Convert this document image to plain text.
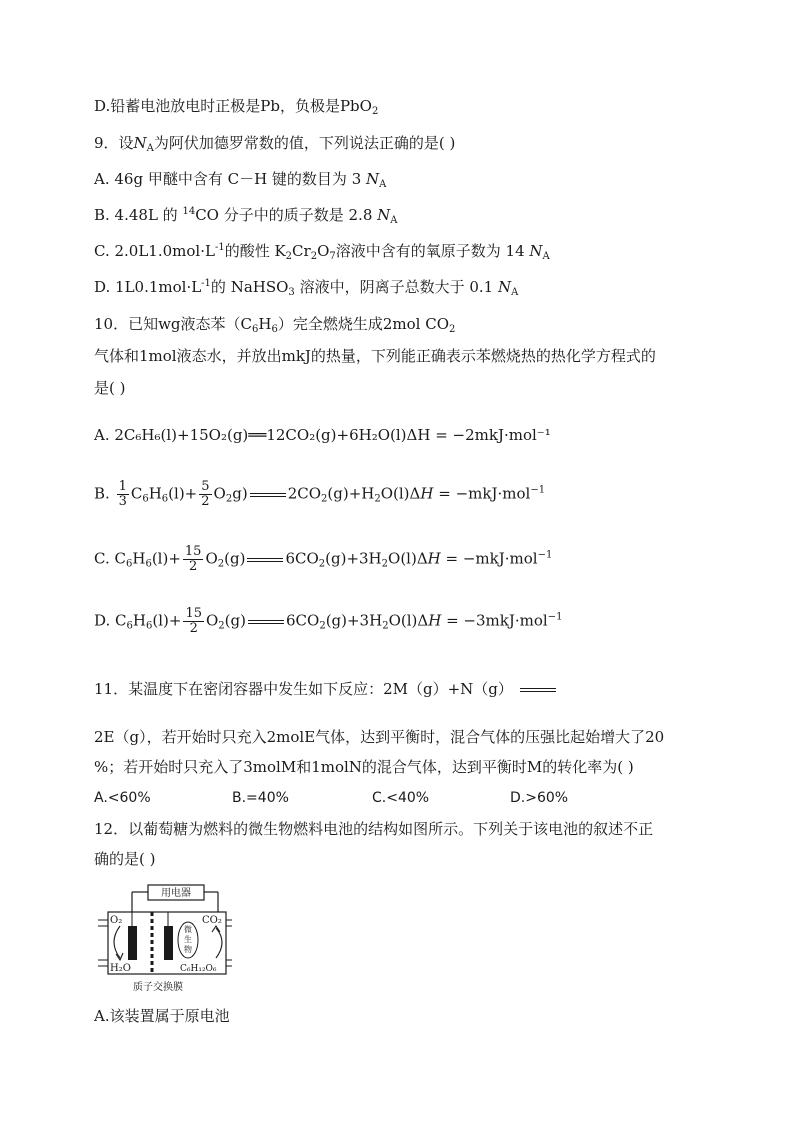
D.铅蓄电池放电时正极是Pb，负极是PbO$_2$
9．设$N_A$为阿伏加德罗常数的值，下列说法正确的是( )
A. 46g 甲醚中含有 C－H 键的数目为 3 $N_A$
B. 4.48L 的 $^{14}$CO 分子中的质子数是 2.8 $N_A$
C. $2.0L1.0mol\cdot L^{-1}$的酸性 $K_2Cr_2O_7$溶液中含有的氧原子数为 14 $N_A$
D. $1L0.1mol\cdot L^{-1}$的 NaHSO$_3$ 溶液中，阴离子总数大于 0.1 $N_A$
10．已知wg液态苯$(C_6H_6)$完全燃烧生成2mol $CO_2$
气体和1mol液态水，并放出mkJ的热量，下列能正确表示苯燃烧热的热化学方程式的
是( )
A. 2C₆H₆(l)+15O₂(g)══12CO₂(g)+6H₂O(l)ΔH = −2mkJ·mol⁻¹
B. $\frac{1}{3} C_6H_6(l)+ \frac{5}{2} O_2g$)	$2CO_2(g)+H_2O(l)\Delta H = -mkJ\cdot mol^{-1}$
C. $C_6H_6(l)+ \frac{15}{2} O_2(g)$	$6CO_2(g)+3H_2O(l)\Delta H = -mkJ\cdot mol^{-1}$
D. $C_6H_6(l)+ \frac{15}{2} O_2(g)$	$6CO_2(g)+3H_2O(l)\Delta H = -3mkJ\cdot mol^{-1}$
11．某温度下在密闭容器中发生如下反应：2M（g）+N（g）
2E（g），若开始时只充入2molE气体，达到平衡时，混合气体的压强比起始增大了20
%；若开始时只充入了3molM和1molN的混合气体，达到平衡时M的转化率为( )
A.<60%	B.=40%	C.<40%	D.>60%
12．以葡萄糖为燃料的微生物燃料电池的结构如图所示。下列关于该电池的叙述不正
确的是( )
用电器
微
生
物
O₂
H₂O
CO₂
C₆H₁₂O₆
质子交换膜
A.该装置属于原电池
